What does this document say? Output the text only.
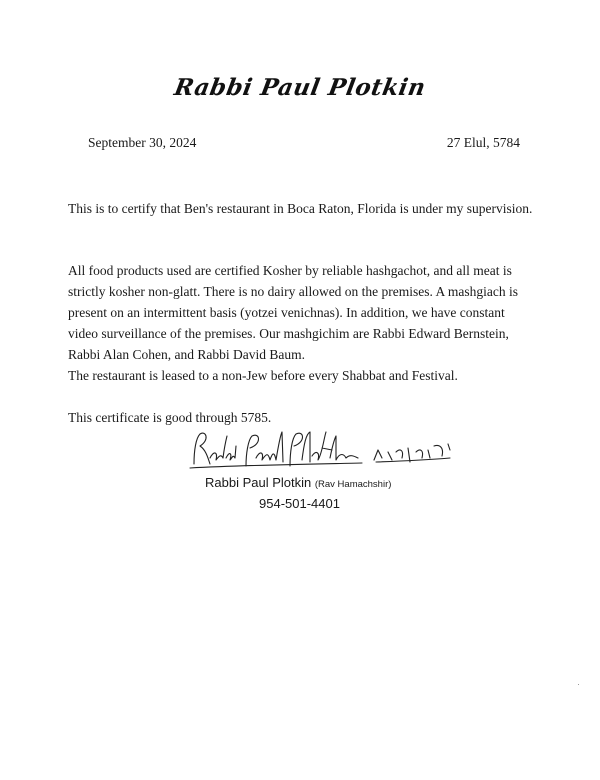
Rabbi Paul Plotkin
September 30, 2024	27 Elul, 5784
This is to certify that Ben's restaurant in Boca Raton, Florida is under my supervision.
All food products used are certified Kosher by reliable hashgachot, and all meat is strictly kosher non-glatt. There is no dairy allowed on the premises. A mashgiach is present on an intermittent basis (yotzei venichnas). In addition, we have constant video surveillance of the premises. Our mashgichim are Rabbi Edward Bernstein, Rabbi Alan Cohen, and Rabbi David Baum.
The restaurant is leased to a non-Jew before every Shabbat and Festival.
This certificate is good through 5785.
Rabbi Paul Plotkin (Rav Hamachshir)
954-501-4401
